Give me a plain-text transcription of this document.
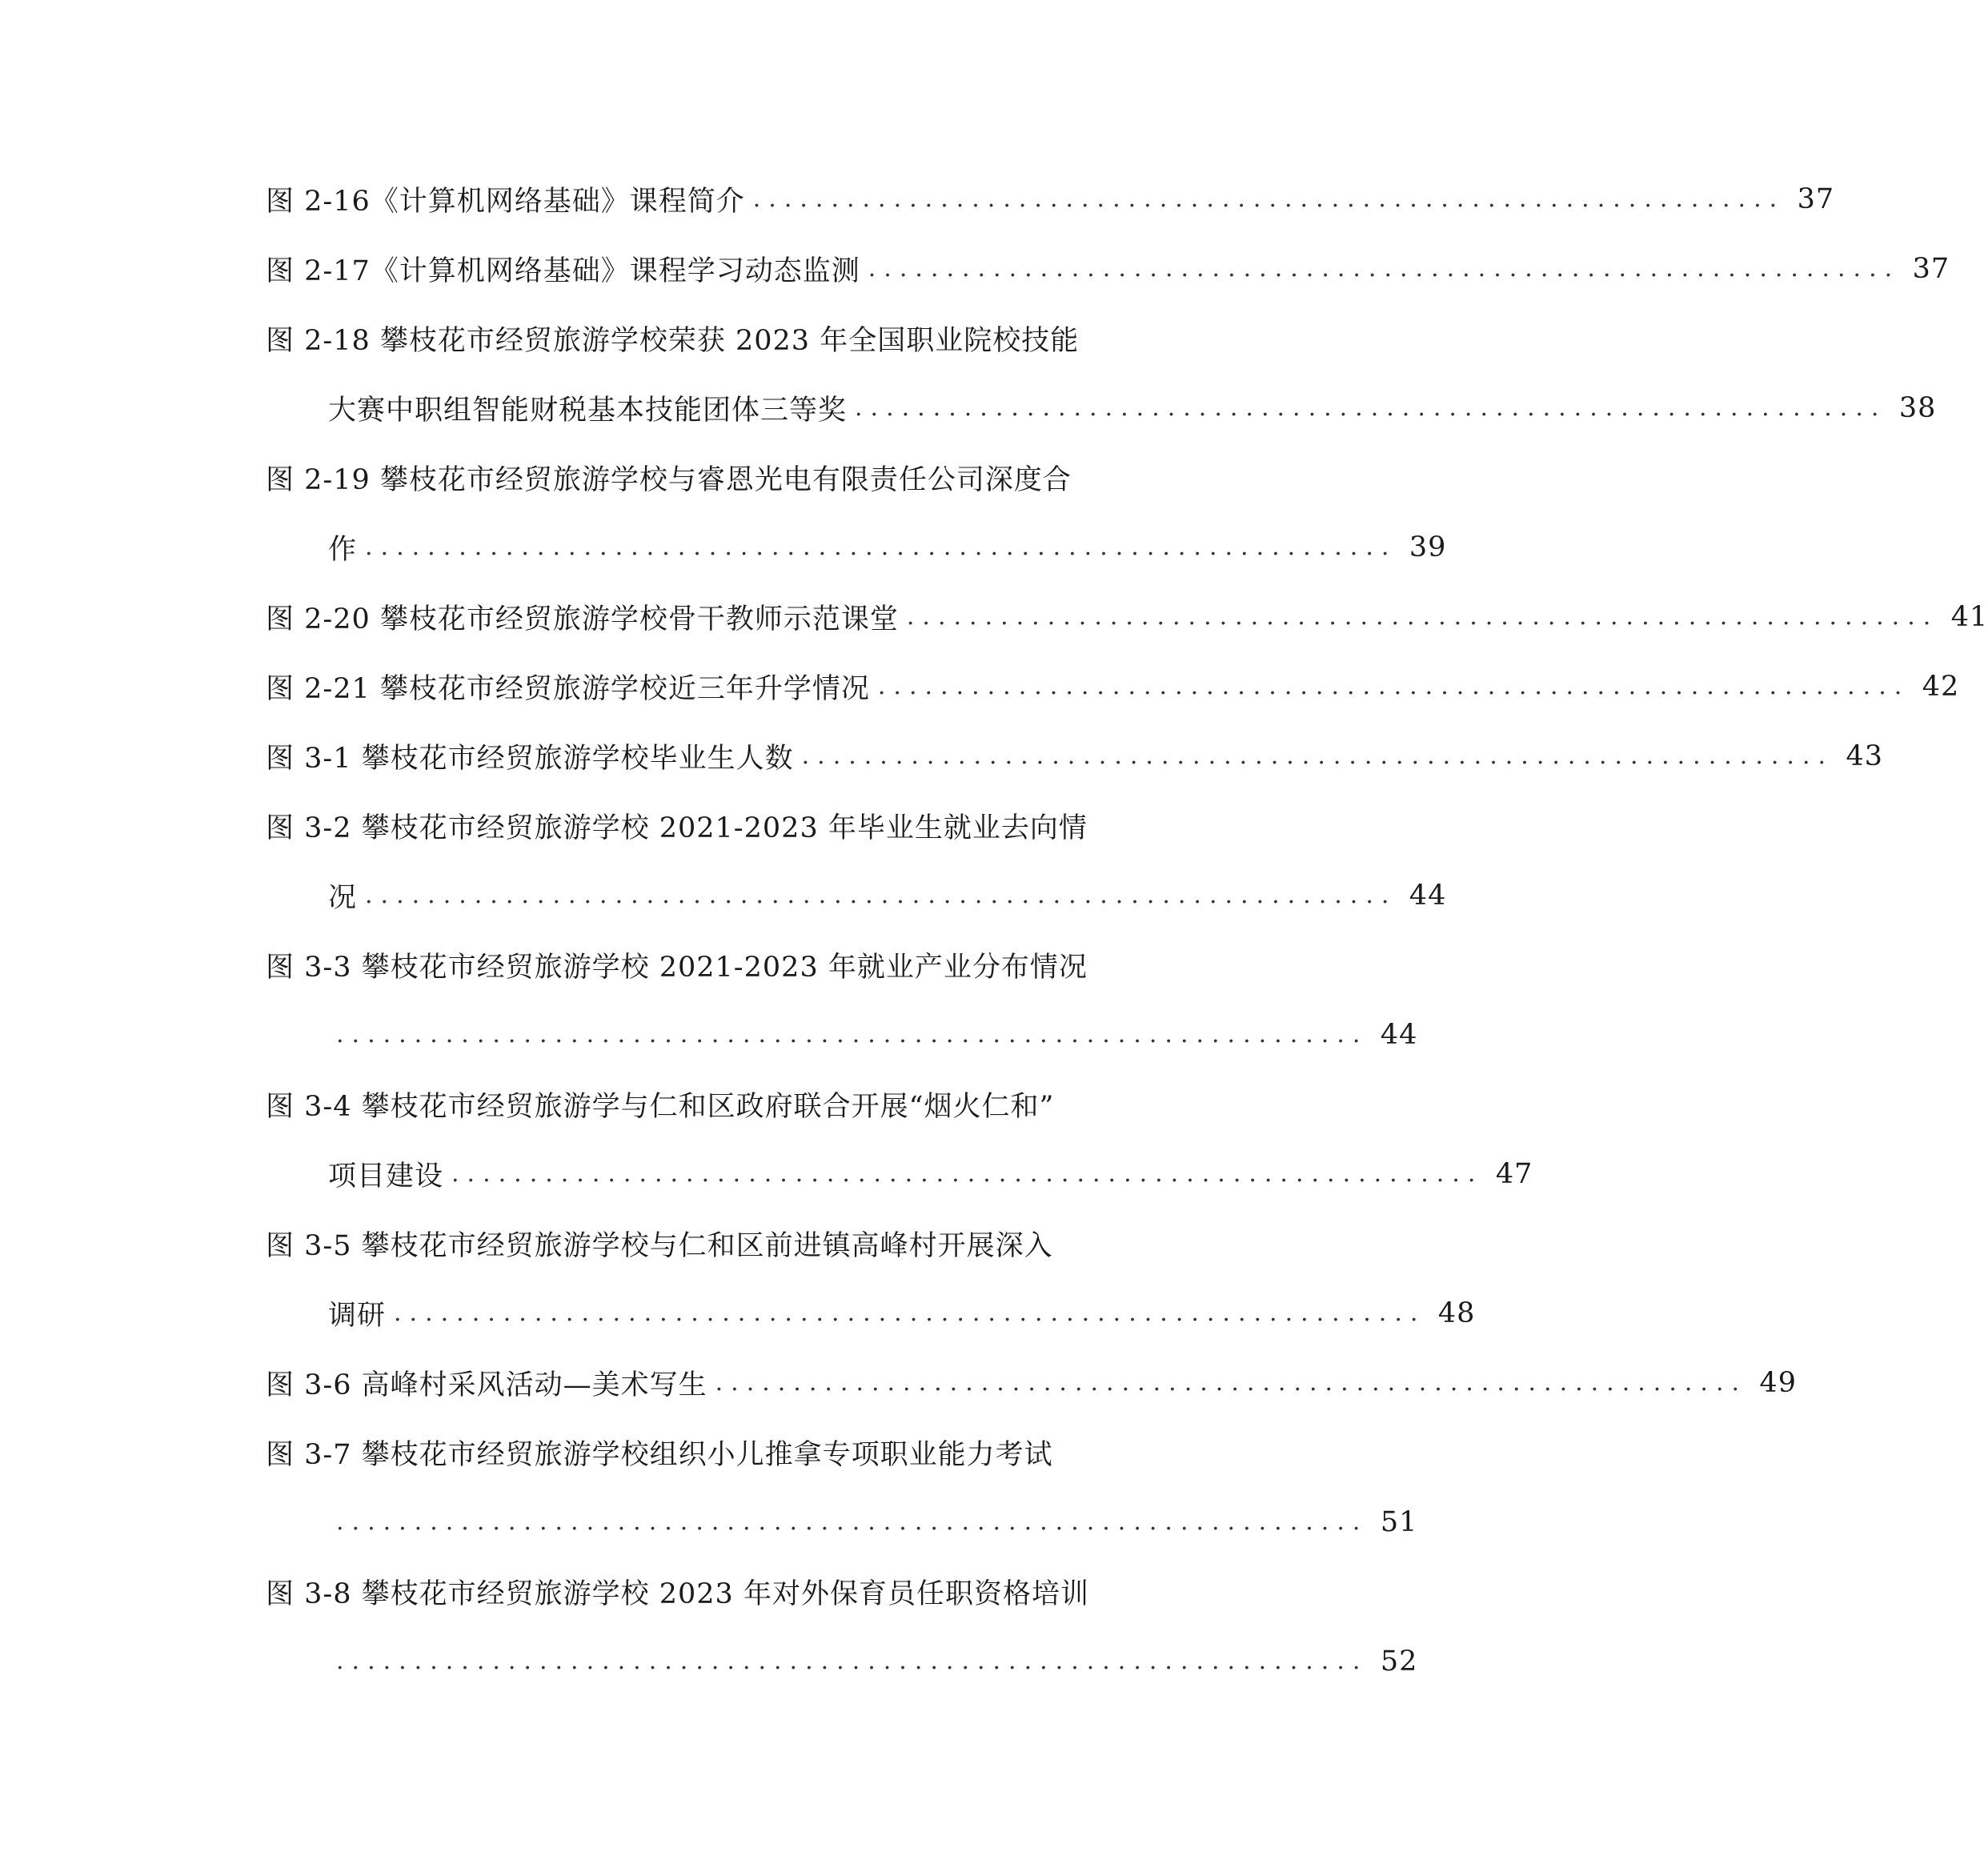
图 2-16《计算机网络基础》课程简介 .................................................................. 37
图 2-17《计算机网络基础》课程学习动态监测 .................................................................. 37
图 2-18 攀枝花市经贸旅游学校荣获 2023 年全国职业院校技能
大赛中职组智能财税基本技能团体三等奖 .................................................................. 38
图 2-19 攀枝花市经贸旅游学校与睿恩光电有限责任公司深度合
作 .................................................................. 39
图 2-20 攀枝花市经贸旅游学校骨干教师示范课堂 .................................................................. 41
图 2-21 攀枝花市经贸旅游学校近三年升学情况 .................................................................. 42
图 3-1 攀枝花市经贸旅游学校毕业生人数 .................................................................. 43
图 3-2 攀枝花市经贸旅游学校 2021-2023 年毕业生就业去向情
况 .................................................................. 44
图 3-3 攀枝花市经贸旅游学校 2021-2023 年就业产业分布情况
.................................................................. 44
图 3-4 攀枝花市经贸旅游学与仁和区政府联合开展“烟火仁和”
项目建设 .................................................................. 47
图 3-5 攀枝花市经贸旅游学校与仁和区前进镇高峰村开展深入
调研 .................................................................. 48
图 3-6 高峰村采风活动—美术写生 .................................................................. 49
图 3-7 攀枝花市经贸旅游学校组织小儿推拿专项职业能力考试
.................................................................. 51
图 3-8 攀枝花市经贸旅游学校 2023 年对外保育员任职资格培训
.................................................................. 52
